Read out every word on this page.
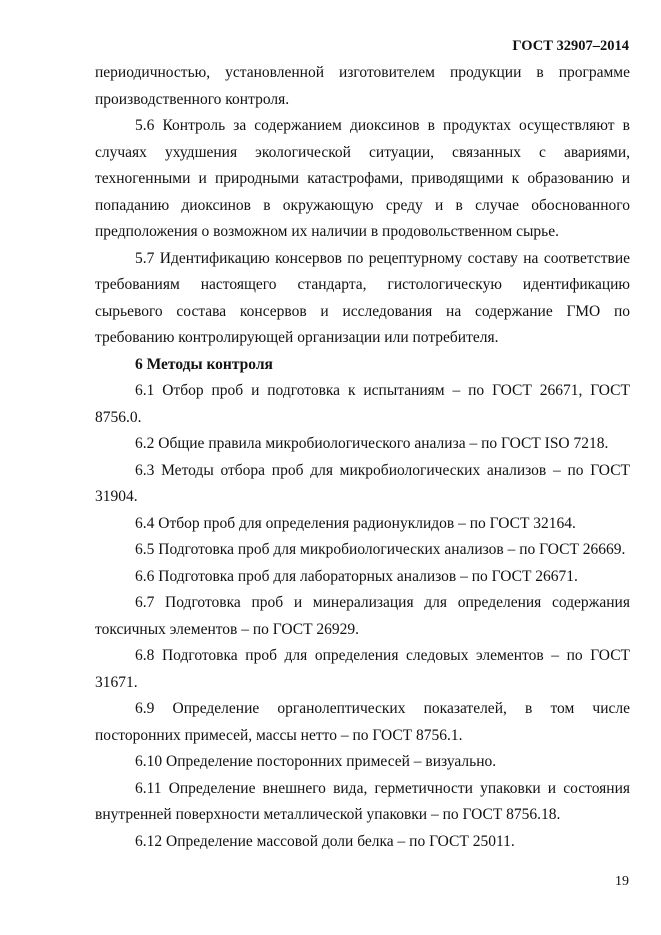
ГОСТ 32907–2014

периодичностью, установленной изготовителем продукции в программе производственного контроля.

5.6 Контроль за содержанием диоксинов в продуктах осуществляют в случаях ухудшения экологической ситуации, связанных с авариями, техногенными и природными катастрофами, приводящими к образованию и попаданию диоксинов в окружающую среду и в случае обоснованного предположения о возможном их наличии в продовольственном сырье.

5.7 Идентификацию консервов по рецептурному составу на соответствие требованиям настоящего стандарта, гистологическую идентификацию сырьевого состава консервов и исследования на содержание ГМО по требованию контролирующей организации или потребителя.

6 Методы контроля

6.1 Отбор проб и подготовка к испытаниям – по ГОСТ 26671, ГОСТ 8756.0.

6.2 Общие правила микробиологического анализа – по ГОСТ ISO 7218.

6.3 Методы отбора проб для микробиологических анализов – по ГОСТ 31904.

6.4 Отбор проб для определения радионуклидов – по ГОСТ 32164.

6.5 Подготовка проб для микробиологических анализов – по ГОСТ 26669.

6.6 Подготовка проб для лабораторных анализов – по ГОСТ 26671.

6.7 Подготовка проб и минерализация для определения содержания токсичных элементов – по ГОСТ 26929.

6.8 Подготовка проб для определения следовых элементов – по ГОСТ 31671.

6.9 Определение органолептических показателей, в том числе посторонних примесей, массы нетто – по ГОСТ 8756.1.

6.10 Определение посторонних примесей – визуально.

6.11 Определение внешнего вида, герметичности упаковки и состояния внутренней поверхности металлической упаковки – по ГОСТ 8756.18.

6.12 Определение массовой доли белка – по ГОСТ 25011.

19
